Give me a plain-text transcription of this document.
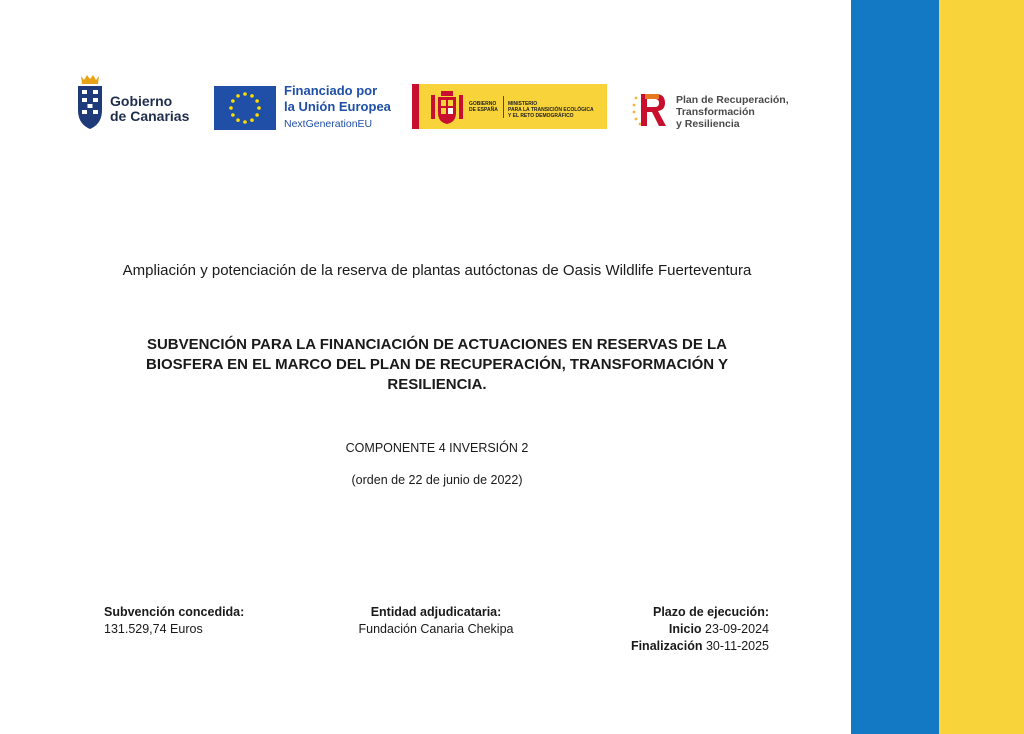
Gobierno
de Canarias
Financiado por
la Unión Europea
NextGenerationEU
GOBIERNO
DE ESPAÑA
MINISTERIO
PARA LA TRANSICIÓN ECOLÓGICA
Y EL RETO DEMOGRÁFICO
Plan de Recuperación,
Transformación
y Resiliencia
Ampliación y potenciación de la reserva de plantas autóctonas de Oasis Wildlife Fuerteventura
SUBVENCIÓN PARA LA FINANCIACIÓN DE ACTUACIONES EN RESERVAS DE LA
BIOSFERA EN EL MARCO DEL PLAN DE RECUPERACIÓN, TRANSFORMACIÓN Y
RESILIENCIA.
COMPONENTE 4 INVERSIÓN 2
(orden de 22 de junio de 2022)
Subvención concedida:
131.529,74 Euros
Entidad adjudicataria:
Fundación Canaria Chekipa
Plazo de ejecución:
Inicio 23-09-2024
Finalización 30-11-2025
